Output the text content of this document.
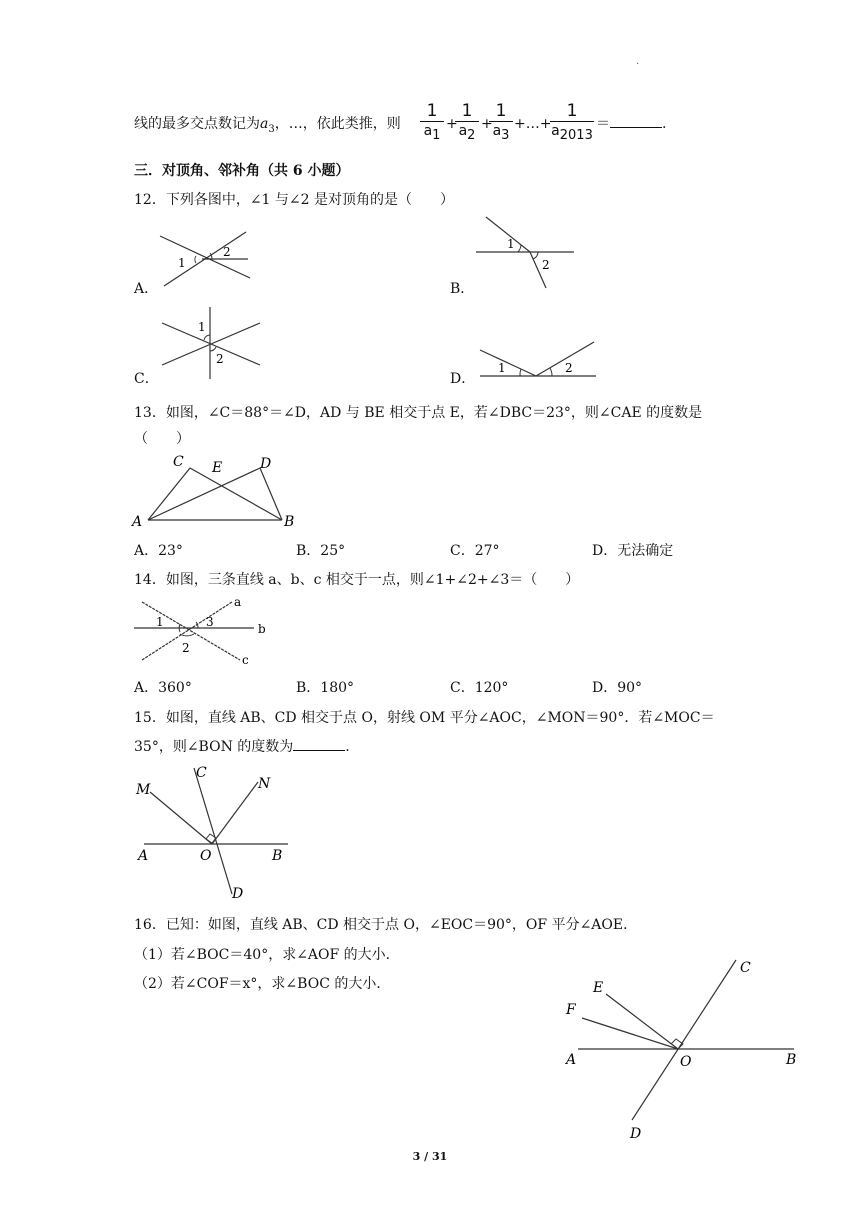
.
线的最多交点数记为$a_3$，…，依此类推，则
1
$a_1$
+
1
$a_2$
+
1
$a_3$
+…+
1
$a_{2013}$
＝	.
三．对顶角、邻补角（共 6 小题）
12．下列各图中，∠1 与∠2 是对顶角的是（　　）
1
2
A．
1
2
B．
1
2
C．
1	2
D．
13．如图，∠C＝88°＝∠D，AD 与 BE 相交于点 E，若∠DBC＝23°，则∠CAE 的度数是
（　　）
C E	D
A	B
A．23°	B．25°	C．27°	D．无法确定
14．如图，三条直线 a、b、c 相交于一点，则∠1+∠2+∠3＝（　　）
1
2
3
a
b
c
A．360°	B．180°	C．120°	D．90°
15．如图，直线 AB、CD 相交于点 O，射线 OM 平分∠AOC，∠MON＝90°．若∠MOC＝
35°，则∠BON 的度数为	.
M
C
N
A	O	B
D
16．已知：如图，直线 AB、CD 相交于点 O，∠EOC＝90°，OF 平分∠AOE．
（1）若∠BOC＝40°，求∠AOF 的大小．
（2）若∠COF＝x°，求∠BOC 的大小．
C
E
F
A	O	B
D
3 / 31
